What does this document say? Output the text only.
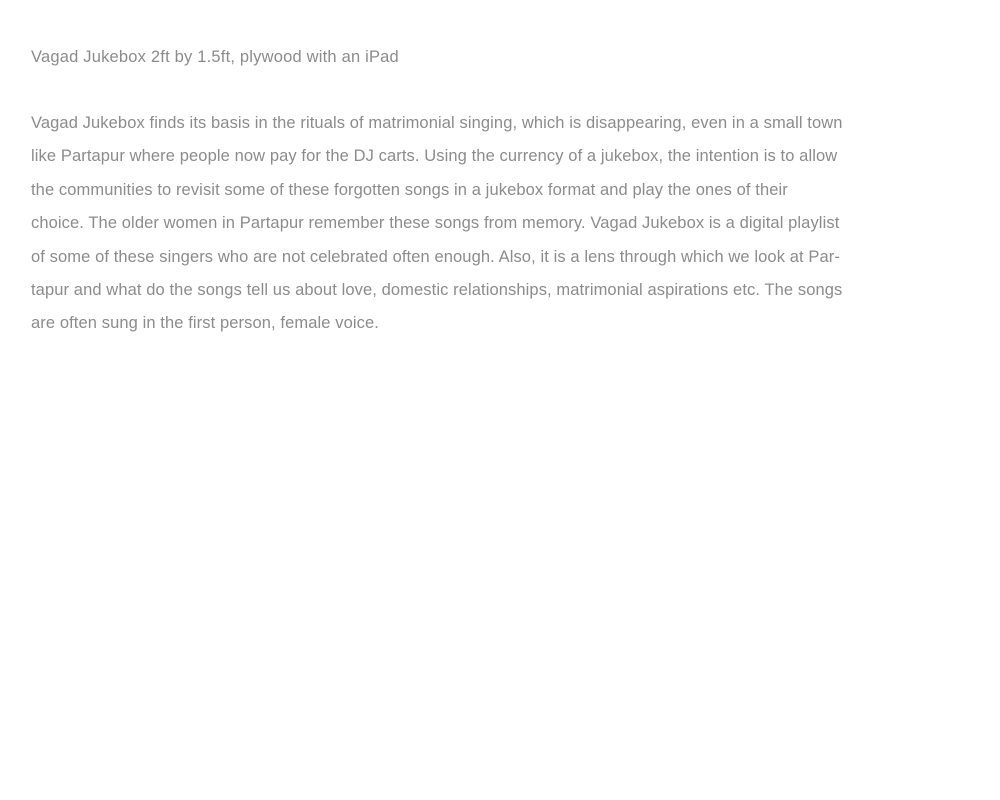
Vagad Jukebox 2ft by 1.5ft, plywood with an iPad
Vagad Jukebox finds its basis in the rituals of matrimonial singing, which is disappearing, even in a small town
like Partapur where people now pay for the DJ carts. Using the currency of a jukebox, the intention is to allow
the communities to revisit some of these forgotten songs in a jukebox format and play the ones of their
choice. The older women in Partapur remember these songs from memory. Vagad Jukebox is a digital playlist
of some of these singers who are not celebrated often enough. Also, it is a lens through which we look at Par-
tapur and what do the songs tell us about love, domestic relationships, matrimonial aspirations etc. The songs
are often sung in the first person, female voice.
